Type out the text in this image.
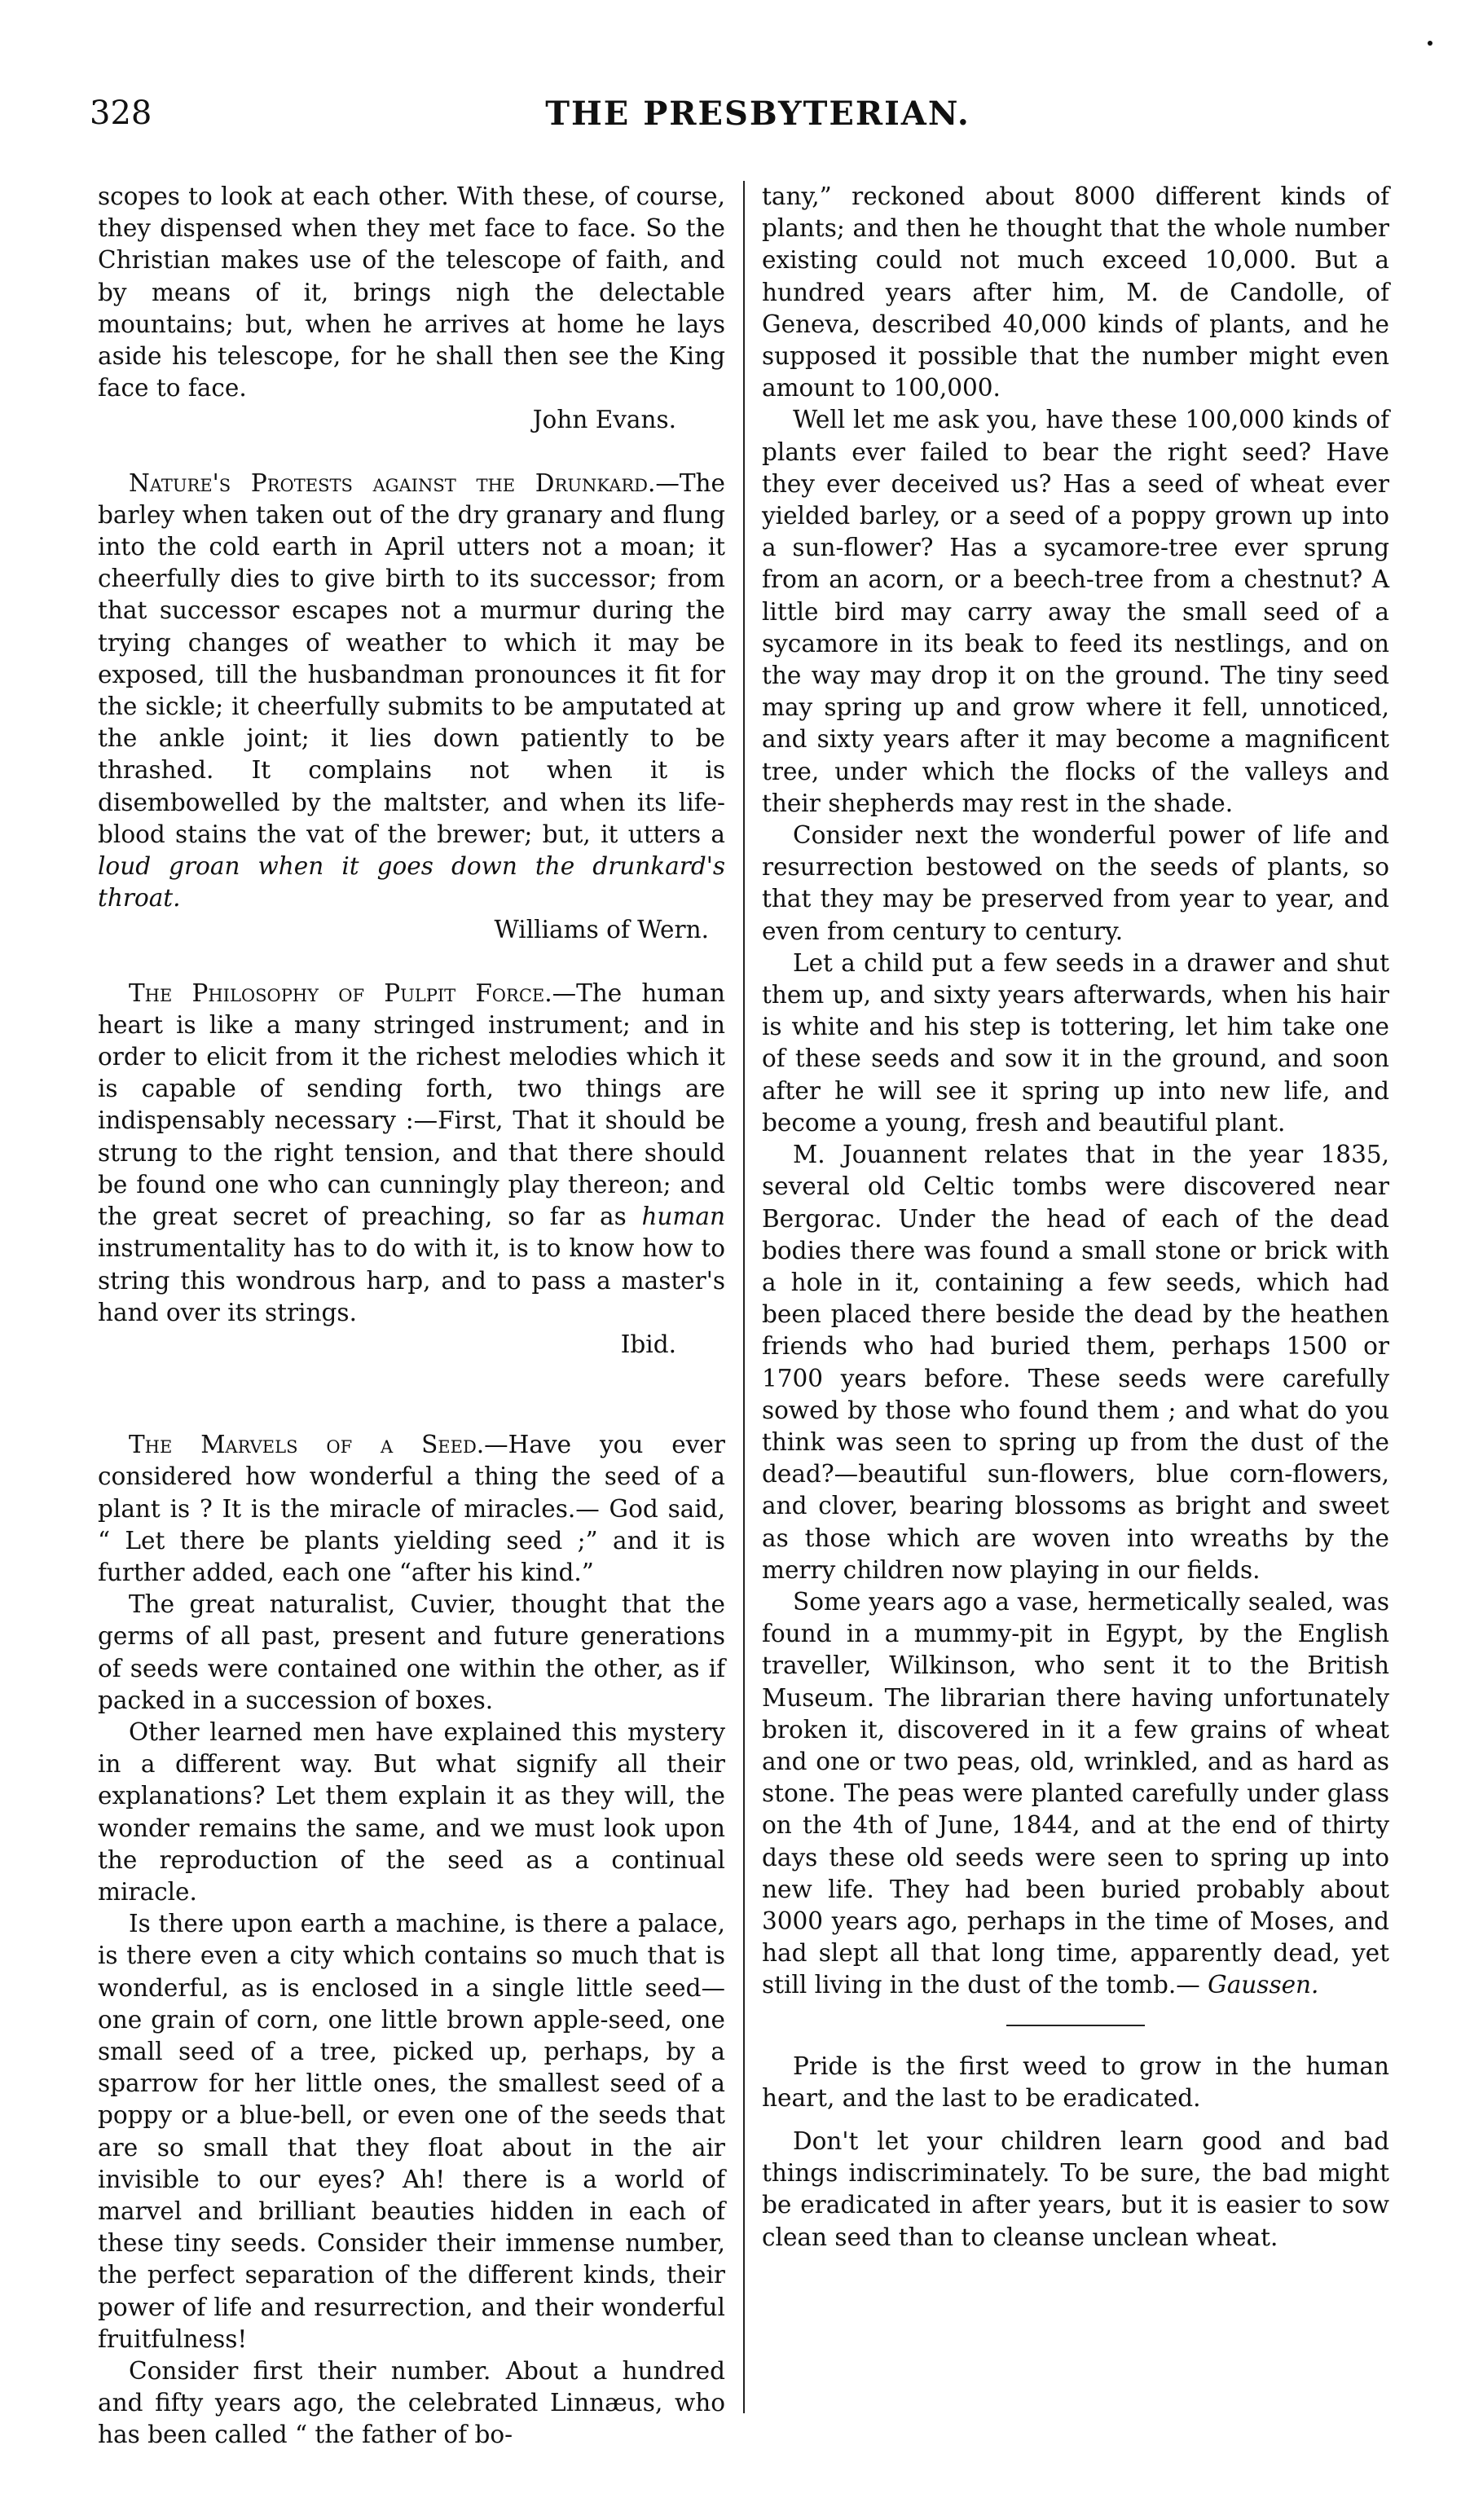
328	THE PRESBYTERIAN.

scopes to look at each other. With these, of course, they dispensed when they met face to face. So the Christian makes use of the telescope of faith, and by means of it, brings nigh the delectable mountains; but, when he arrives at home he lays aside his telescope, for he shall then see the King face to face.

John Evans.

Nature's Protests against the Drunkard.—The barley when taken out of the dry granary and flung into the cold earth in April utters not a moan; it cheerfully dies to give birth to its successor; from that successor escapes not a murmur during the trying changes of weather to which it may be exposed, till the husbandman pronounces it fit for the sickle; it cheerfully submits to be amputated at the ankle joint; it lies down patiently to be thrashed. It complains not when it is disembowelled by the maltster, and when its life-blood stains the vat of the brewer; but, it utters a loud groan when it goes down the drunkard's throat.

Williams of Wern.

The Philosophy of Pulpit Force.—The human heart is like a many stringed instrument; and in order to elicit from it the richest melodies which it is capable of sending forth, two things are indispensably necessary :—First, That it should be strung to the right tension, and that there should be found one who can cunningly play thereon; and the great secret of preaching, so far as human instrumentality has to do with it, is to know how to string this wondrous harp, and to pass a master's hand over its strings.

Ibid.

The Marvels of a Seed.—Have you ever considered how wonderful a thing the seed of a plant is ? It is the miracle of miracles.— God said, “ Let there be plants yielding seed ;” and it is further added, each one “after his kind.”

The great naturalist, Cuvier, thought that the germs of all past, present and future generations of seeds were contained one within the other, as if packed in a succession of boxes.

Other learned men have explained this mystery in a different way. But what signify all their explanations? Let them explain it as they will, the wonder remains the same, and we must look upon the reproduction of the seed as a continual miracle.

Is there upon earth a machine, is there a palace, is there even a city which contains so much that is wonderful, as is enclosed in a single little seed—one grain of corn, one little brown apple-seed, one small seed of a tree, picked up, perhaps, by a sparrow for her little ones, the smallest seed of a poppy or a blue-bell, or even one of the seeds that are so small that they float about in the air invisible to our eyes? Ah! there is a world of marvel and brilliant beauties hidden in each of these tiny seeds. Consider their immense number, the perfect separation of the different kinds, their power of life and resurrection, and their wonderful fruitfulness!

Consider first their number. About a hundred and fifty years ago, the celebrated Linnæus, who has been called “ the father of bo-

tany,” reckoned about 8000 different kinds of plants; and then he thought that the whole number existing could not much exceed 10,000. But a hundred years after him, M. de Candolle, of Geneva, described 40,000 kinds of plants, and he supposed it possible that the number might even amount to 100,000.

Well let me ask you, have these 100,000 kinds of plants ever failed to bear the right seed? Have they ever deceived us? Has a seed of wheat ever yielded barley, or a seed of a poppy grown up into a sun-flower? Has a sycamore-tree ever sprung from an acorn, or a beech-tree from a chestnut? A little bird may carry away the small seed of a sycamore in its beak to feed its nestlings, and on the way may drop it on the ground. The tiny seed may spring up and grow where it fell, unnoticed, and sixty years after it may become a magnificent tree, under which the flocks of the valleys and their shepherds may rest in the shade.

Consider next the wonderful power of life and resurrection bestowed on the seeds of plants, so that they may be preserved from year to year, and even from century to century.

Let a child put a few seeds in a drawer and shut them up, and sixty years afterwards, when his hair is white and his step is tottering, let him take one of these seeds and sow it in the ground, and soon after he will see it spring up into new life, and become a young, fresh and beautiful plant.

M. Jouannent relates that in the year 1835, several old Celtic tombs were discovered near Bergorac. Under the head of each of the dead bodies there was found a small stone or brick with a hole in it, containing a few seeds, which had been placed there beside the dead by the heathen friends who had buried them, perhaps 1500 or 1700 years before. These seeds were carefully sowed by those who found them ; and what do you think was seen to spring up from the dust of the dead?—beautiful sun-flowers, blue corn-flowers, and clover, bearing blossoms as bright and sweet as those which are woven into wreaths by the merry children now playing in our fields.

Some years ago a vase, hermetically sealed, was found in a mummy-pit in Egypt, by the English traveller, Wilkinson, who sent it to the British Museum. The librarian there having unfortunately broken it, discovered in it a few grains of wheat and one or two peas, old, wrinkled, and as hard as stone. The peas were planted carefully under glass on the 4th of June, 1844, and at the end of thirty days these old seeds were seen to spring up into new life. They had been buried probably about 3000 years ago, perhaps in the time of Moses, and had slept all that long time, apparently dead, yet still living in the dust of the tomb.— Gaussen.

Pride is the first weed to grow in the human heart, and the last to be eradicated.

Don't let your children learn good and bad things indiscriminately. To be sure, the bad might be eradicated in after years, but it is easier to sow clean seed than to cleanse unclean wheat.
